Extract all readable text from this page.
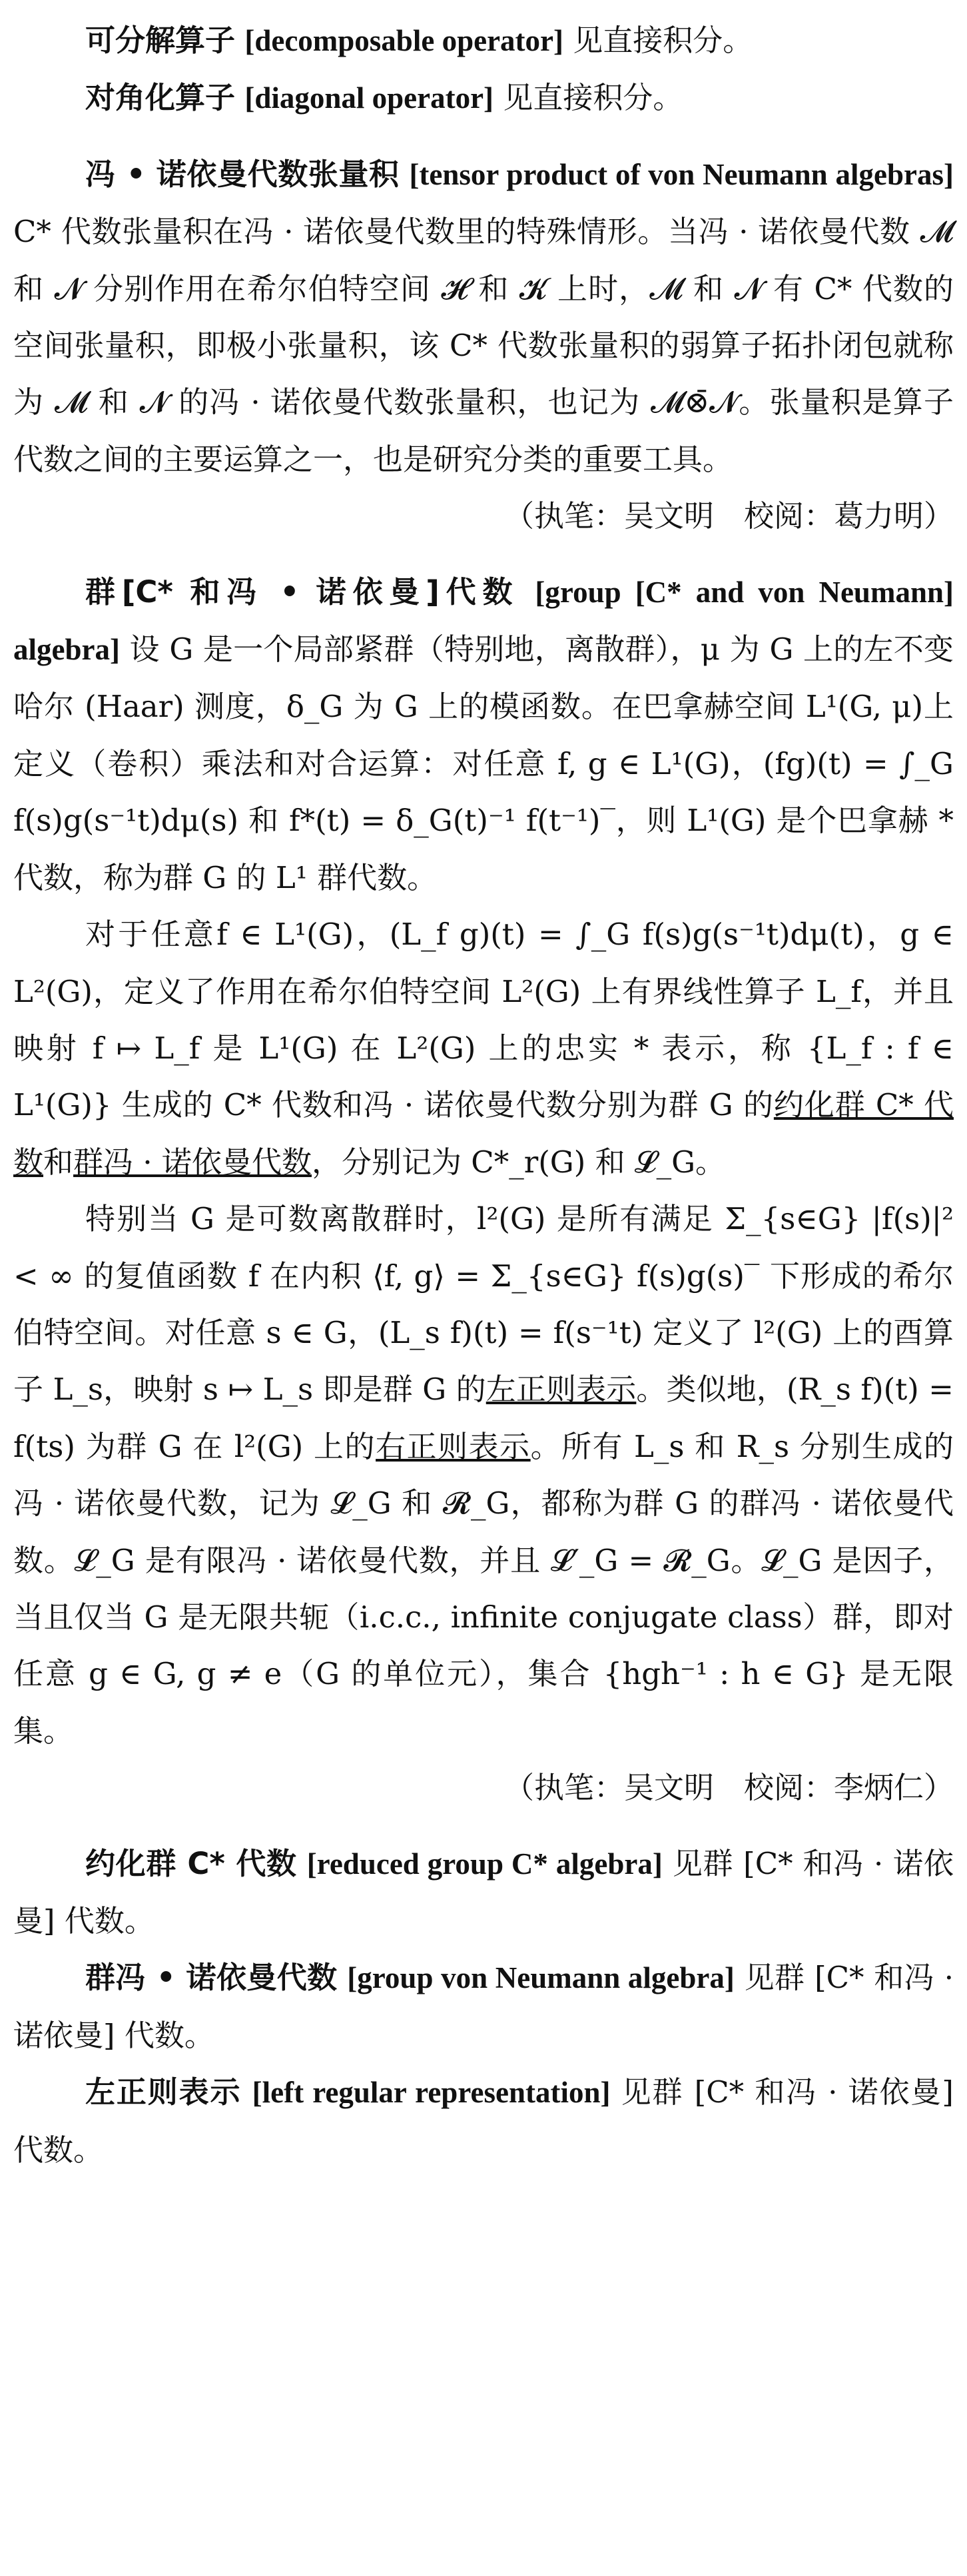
可分解算子 [decomposable operator] 见直接积分。

对角化算子 [diagonal operator] 见直接积分。

冯 • 诺依曼代数张量积 [tensor product of von Neumann algebras] C* 代数张量积在冯 · 诺依曼代数里的特殊情形。当冯 · 诺依曼代数 𝓜 和 𝓝 分别作用在希尔伯特空间 𝓗 和 𝓚 上时，𝓜 和 𝓝 有 C* 代数的空间张量积，即极小张量积，该 C* 代数张量积的弱算子拓扑闭包就称为 𝓜 和 𝓝 的冯 · 诺依曼代数张量积，也记为 𝓜⊗̄𝓝。张量积是算子代数之间的主要运算之一，也是研究分类的重要工具。

（执笔：吴文明　校阅：葛力明）

群[C* 和冯 • 诺依曼]代数 [group [C* and von Neumann] algebra] 设 G 是一个局部紧群（特别地，离散群），μ 为 G 上的左不变哈尔 (Haar) 测度，δ_G 为 G 上的模函数。在巴拿赫空间 L¹(G, μ)上定义（卷积）乘法和对合运算：对任意 f, g ∈ L¹(G)，(fg)(t) = ∫_G f(s)g(s⁻¹t)dμ(s) 和 f*(t) = δ_G(t)⁻¹ f(t⁻¹)‾，则 L¹(G) 是个巴拿赫 * 代数，称为群 G 的 L¹ 群代数。

对于任意f ∈ L¹(G)，(L_f g)(t) = ∫_G f(s)g(s⁻¹t)dμ(t)，g ∈ L²(G)，定义了作用在希尔伯特空间 L²(G) 上有界线性算子 L_f，并且映射 f ↦ L_f 是 L¹(G) 在 L²(G) 上的忠实 * 表示，称 {L_f : f ∈ L¹(G)} 生成的 C* 代数和冯 · 诺依曼代数分别为群 G 的约化群 C* 代数和群冯 · 诺依曼代数，分别记为 C*_r(G) 和 𝓛_G。

特别当 G 是可数离散群时，l²(G) 是所有满足 Σ_{s∈G} |f(s)|² < ∞ 的复值函数 f 在内积 ⟨f, g⟩ = Σ_{s∈G} f(s)g(s)‾ 下形成的希尔伯特空间。对任意 s ∈ G，(L_s f)(t) = f(s⁻¹t) 定义了 l²(G) 上的酉算子 L_s，映射 s ↦ L_s 即是群 G 的左正则表示。类似地，(R_s f)(t) = f(ts) 为群 G 在 l²(G) 上的右正则表示。所有 L_s 和 R_s 分别生成的冯 · 诺依曼代数，记为 𝓛_G 和 𝓡_G，都称为群 G 的群冯 · 诺依曼代数。𝓛_G 是有限冯 · 诺依曼代数，并且 𝓛′_G = 𝓡_G。𝓛_G 是因子，当且仅当 G 是无限共轭（i.c.c., infinite conjugate class）群，即对任意 g ∈ G, g ≠ e（G 的单位元），集合 {hgh⁻¹ : h ∈ G} 是无限集。

（执笔：吴文明　校阅：李炳仁）

约化群 C* 代数 [reduced group C* algebra] 见群 [C* 和冯 · 诺依曼] 代数。

群冯 • 诺依曼代数 [group von Neumann algebra] 见群 [C* 和冯 · 诺依曼] 代数。

左正则表示 [left regular representation] 见群 [C* 和冯 · 诺依曼] 代数。
